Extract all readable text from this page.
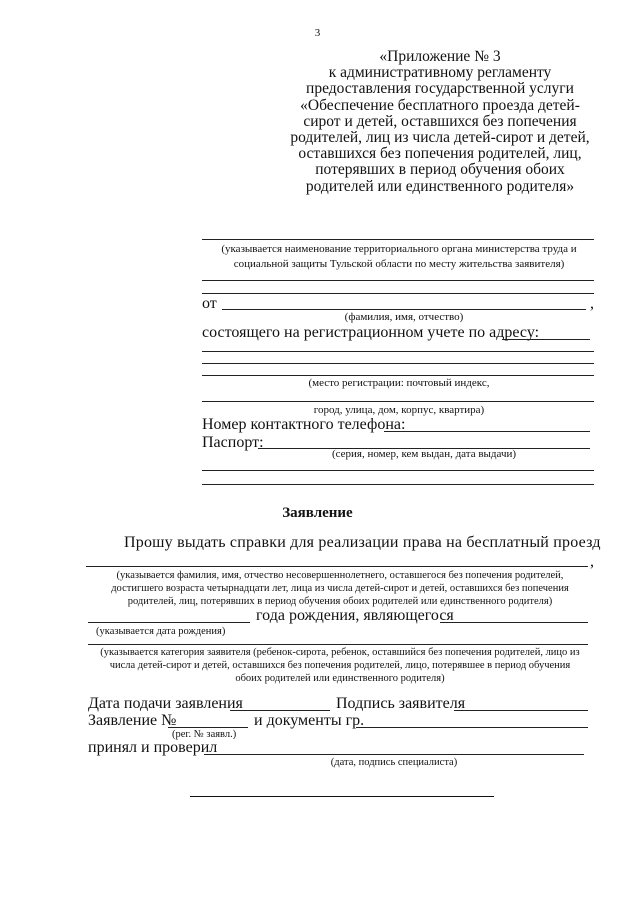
3
«Приложение № 3
к административному регламенту
предоставления государственной услуги
«Обеспечение бесплатного проезда детей-
сирот и детей, оставшихся без попечения
родителей, лиц из числа детей-сирот и детей,
оставшихся без попечения родителей, лиц,
потерявших в период обучения обоих
родителей или единственного родителя»
(указывается наименование территориального органа министерства труда и
социальной защиты Тульской области по месту жительства заявителя)
от	,
(фамилия, имя, отчество)
состоящего на регистрационном учете по адресу:
(место регистрации: почтовый индекс,
город, улица, дом, корпус, квартира)
Номер контактного телефона:
Паспорт:
(серия, номер, кем выдан, дата выдачи)
Заявление
Прошу выдать справки для реализации права на бесплатный проезд
,
(указывается фамилия, имя, отчество несовершеннолетнего, оставшегося без попечения родителей,
достигшего возраста четырнадцати лет, лица из числа детей-сирот и детей, оставшихся без попечения
родителей, лиц, потерявших в период обучения обоих родителей или единственного родителя)
года рождения, являющегося
(указывается дата рождения)
(указывается категория заявителя (ребенок-сирота, ребенок, оставшийся без попечения родителей, лицо из
числа детей-сирот и детей, оставшихся без попечения родителей, лицо, потерявшее в период обучения
обоих родителей или единственного родителя)
Дата подачи заявления	Подпись заявителя
Заявление №	и документы гр.
(рег. № заявл.)
принял и проверил
(дата, подпись специалиста)
